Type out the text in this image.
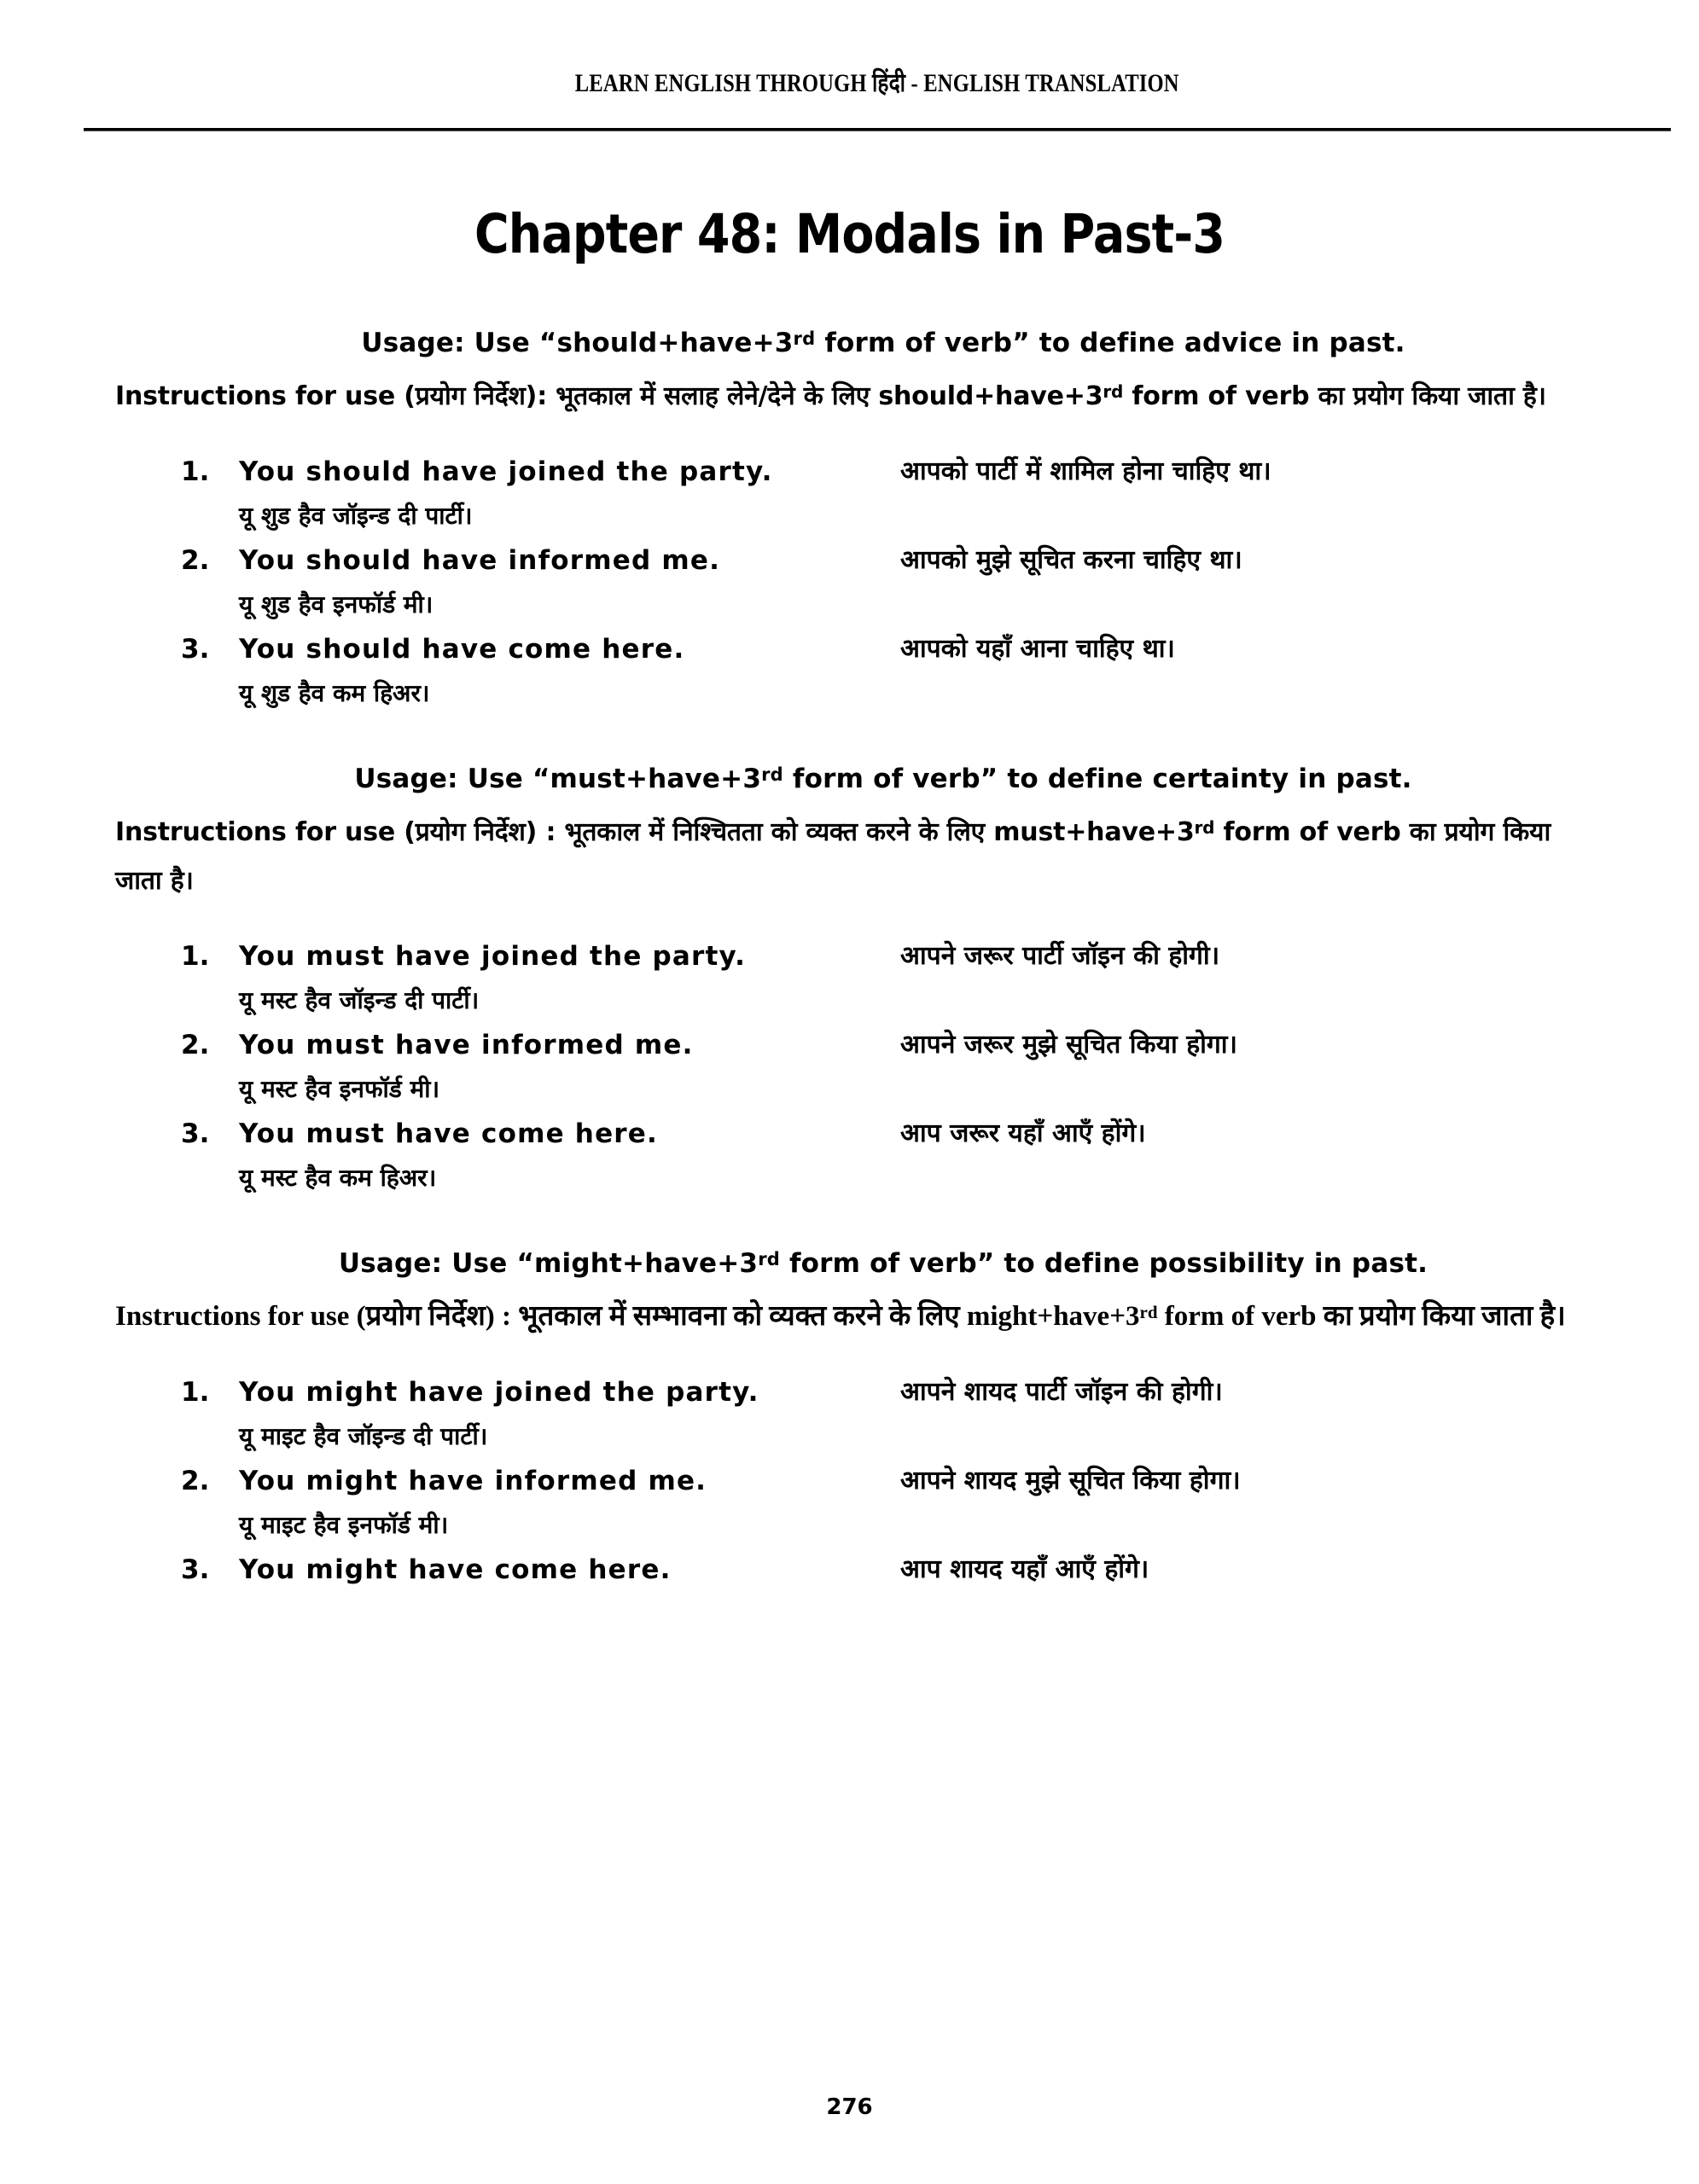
LEARN ENGLISH THROUGH हिंदी - ENGLISH TRANSLATION
Chapter 48: Modals in Past-3
Usage: Use “should+have+3rd form of verb” to define advice in past.
Instructions for use (प्रयोग निर्देश): भूतकाल में सलाह लेने/देने के लिए should+have+3rd form of verb का प्रयोग किया जाता है।
1.	You should have joined the party.	आपको पार्टी में शामिल होना चाहिए था।
यू शुड हैव जॉइन्ड दी पार्टी।
2.	You should have informed me.	आपको मुझे सूचित करना चाहिए था।
यू शुड हैव इनफॉर्ड मी।
3.	You should have come here.	आपको यहाँ आना चाहिए था।
यू शुड हैव कम हिअर।
Usage: Use “must+have+3rd form of verb” to define certainty in past.
Instructions for use (प्रयोग निर्देश) : भूतकाल में निश्चितता को व्यक्त करने के लिए must+have+3rd form of verb का प्रयोग किया जाता है।
1.	You must have joined the party.	आपने जरूर पार्टी जॉइन की होगी।
यू मस्ट हैव जॉइन्ड दी पार्टी।
2.	You must have informed me.	आपने जरूर मुझे सूचित किया होगा।
यू मस्ट हैव इनफॉर्ड मी।
3.	You must have come here.	आप जरूर यहाँ आएँ होंगे।
यू मस्ट हैव कम हिअर।
Usage: Use “might+have+3rd form of verb” to define possibility in past.
Instructions for use (प्रयोग निर्देश) : भूतकाल में सम्भावना को व्यक्त करने के लिए might+have+3rd form of verb का प्रयोग किया जाता है।
1.	You might have joined the party.	आपने शायद पार्टी जॉइन की होगी।
यू माइट हैव जॉइन्ड दी पार्टी।
2.	You might have informed me.	आपने शायद मुझे सूचित किया होगा।
यू माइट हैव इनफॉर्ड मी।
3.	You might have come here.	आप शायद यहाँ आएँ होंगे।
276
